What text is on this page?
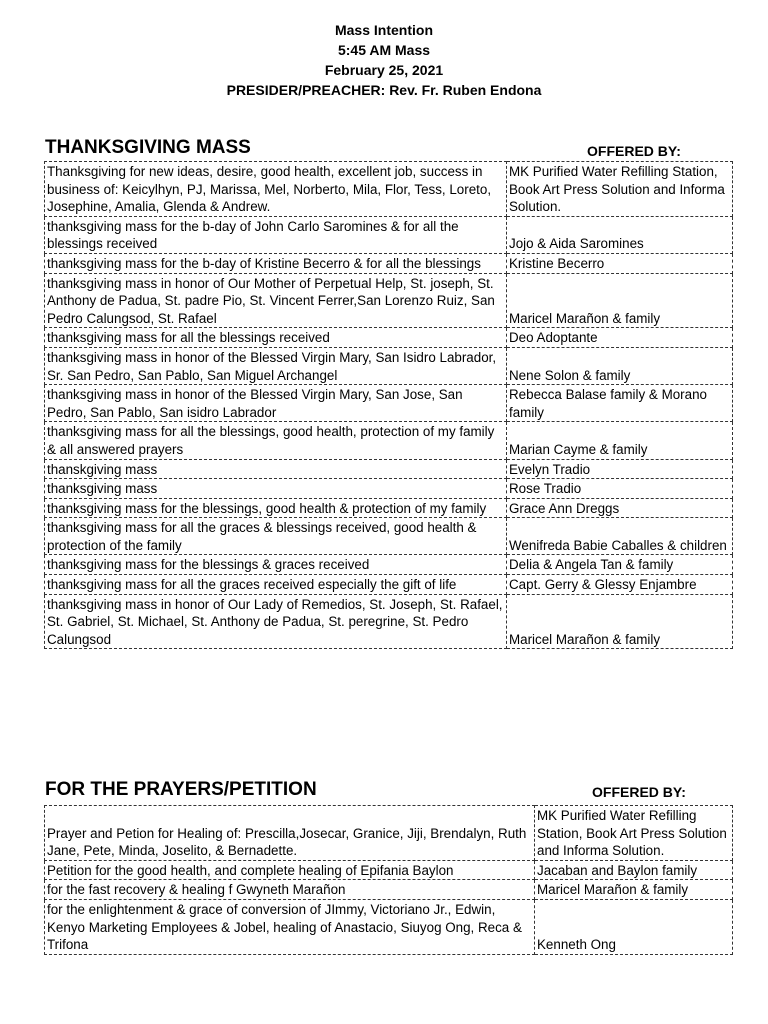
Mass Intention
5:45 AM Mass
February 25, 2021
PRESIDER/PREACHER: Rev. Fr. Ruben Endona
THANKSGIVING MASS	OFFERED BY:
Thanksgiving for new ideas, desire, good health, excellent job, success in business of: Keicylhyn, PJ, Marissa, Mel, Norberto, Mila, Flor, Tess, Loreto, Josephine, Amalia, Glenda & Andrew.	MK Purified Water Refilling Station, Book Art Press Solution and Informa Solution.
thanksgiving mass for the b-day of John Carlo Saromines & for all the blessings received	Jojo & Aida Saromines
thanksgiving mass for the b-day of Kristine Becerro & for all the blessings	Kristine Becerro
thanksgiving mass in honor of Our Mother of Perpetual Help, St. joseph, St. Anthony de Padua, St. padre Pio, St. Vincent Ferrer,San Lorenzo Ruiz, San Pedro Calungsod, St. Rafael	Maricel Marañon & family
thanksgiving mass for all the blessings received	Deo Adoptante
thanksgiving mass in honor of the Blessed Virgin Mary, San Isidro Labrador, Sr. San Pedro, San Pablo, San Miguel Archangel	Nene Solon & family
thanksgiving mass in honor of the Blessed Virgin Mary, San Jose, San Pedro, San Pablo, San isidro Labrador	Rebecca Balase family & Morano family
thanksgiving mass for all the blessings, good health, protection of my family & all answered prayers	Marian Cayme & family
thanskgiving mass	Evelyn Tradio
thanksgiving mass	Rose Tradio
thanksgiving mass for the blessings, good health & protection of my family	Grace Ann Dreggs
thanksgiving mass for all the graces & blessings received, good health & protection of the family	Wenifreda Babie Caballes & children
thanksgiving mass for the blessings & graces received	Delia & Angela Tan & family
thanksgiving mass for all the graces received especially the gift of life	Capt. Gerry & Glessy Enjambre
thanksgiving mass in honor of Our Lady of Remedios, St. Joseph, St. Rafael, St. Gabriel, St. Michael, St. Anthony de Padua, St. peregrine, St. Pedro Calungsod	Maricel Marañon & family
FOR THE PRAYERS/PETITION	OFFERED BY:
Prayer and Petion for Healing of: Prescilla,Josecar, Granice, Jiji, Brendalyn, Ruth Jane, Pete, Minda, Joselito, & Bernadette.	MK Purified Water Refilling Station, Book Art Press Solution and Informa Solution.
Petition for the good health, and complete healing of Epifania Baylon	Jacaban and Baylon family
for the fast recovery & healing f Gwyneth Marañon	Maricel Marañon & family
for the enlightenment & grace of conversion of JImmy, Victoriano Jr., Edwin, Kenyo Marketing Employees & Jobel, healing of Anastacio, Siuyog Ong, Reca & Trifona	Kenneth Ong
